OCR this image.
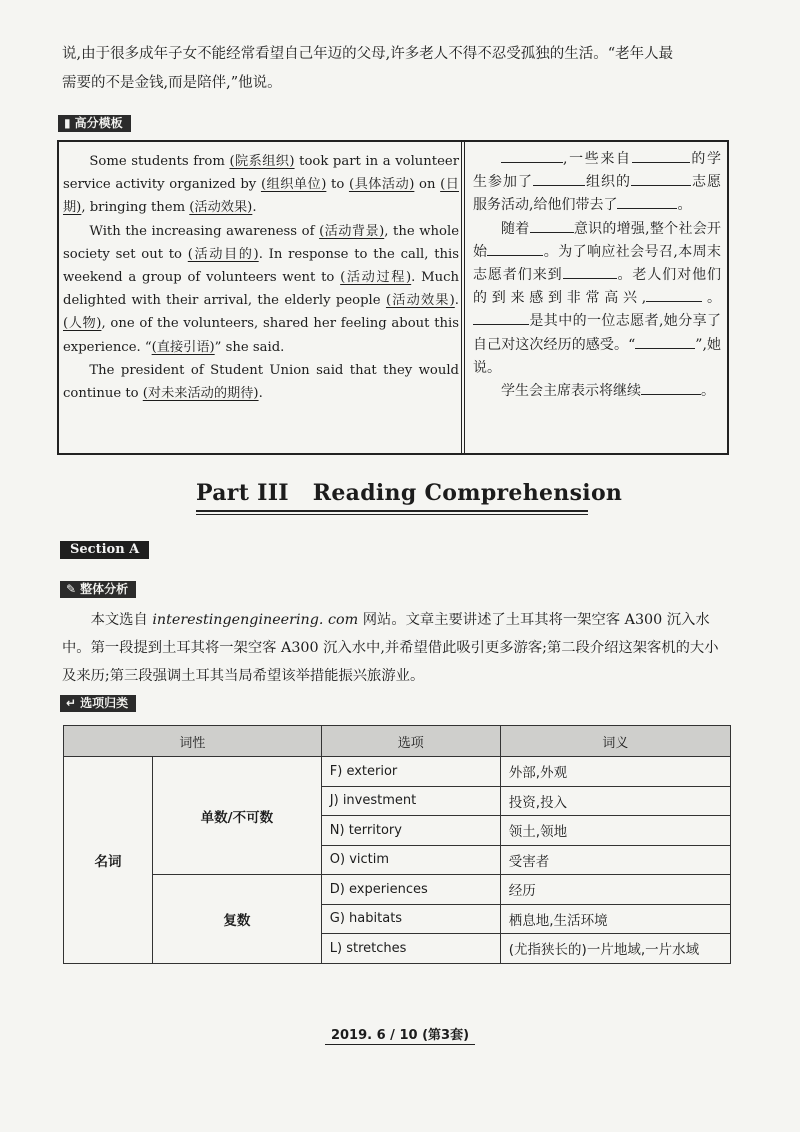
说,由于很多成年子女不能经常看望自己年迈的父母,许多老人不得不忍受孤独的生活。“老年人最
需要的不是金钱,而是陪伴,”他说。
▮ 高分模板
Some students from (院系组织) took part in a volunteer service activity organized by (组织单位) to (具体活动) on (日期), bringing them (活动效果).
With the increasing awareness of (活动背景), the whole society set out to (活动目的). In response to the call, this weekend a group of volunteers went to (活动过程). Much delighted with their arrival, the elderly people (活动效果). (人物), one of the volunteers, shared her feeling about this experience. “(直接引语)” she said.
The president of Student Union said that they would continue to (对未来活动的期待).
,一些来自	的学生参加了	组织的	志愿服务活动,给他们带去了	。
随着	意识的增强,整个社会开始	。为了响应社会号召,本周末志愿者们来到	。老人们对他们的到来感到非常高兴,	。是其中的一位志愿者,她分享了自己对这次经历的感受。“	”,她说。
学生会主席表示将继续	。
Part III   Reading Comprehension
Section A
✎ 整体分析
本文选自 interestingengineering. com 网站。文章主要讲述了土耳其将一架空客 A300 沉入水中。第一段提到土耳其将一架空客 A300 沉入水中,并希望借此吸引更多游客;第二段介绍这架客机的大小及来历;第三段强调土耳其当局希望该举措能振兴旅游业。
↵ 选项归类
词性		选项	词义
名词	单数/不可数	F) exterior	外部,外观
		J) investment	投资,投入
		N) territory	领土,领地
		O) victim	受害者
	复数	D) experiences	经历
		G) habitats	栖息地,生活环境
		L) stretches	(尤指狭长的)一片地域,一片水域
2019. 6 / 10 (第3套)
